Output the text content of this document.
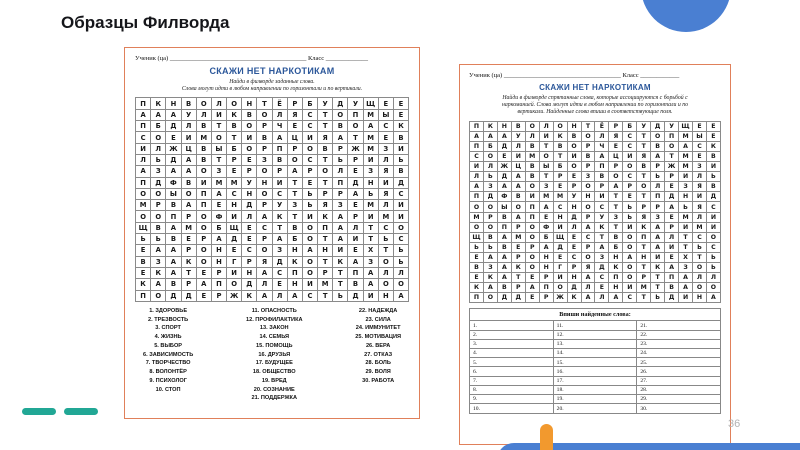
Образцы Филворда
Ученик (ца) __________________________________________ Класс _____________
СКАЖИ НЕТ НАРКОТИКАМ
Найди в филворде заданные слова.
Слова могут идти в любом направлении по горизонтали и по вертикали.
П	К	Н	В	О	Л	О	Н	Т	Ё	Р	Б	У	Д	У	Щ	Е	Е
А	А	А	У	Л	И	К	В	О	Л	Я	С	Т	О	П	М	Ы	Е
П	Б	Д	Л	В	Т	В	О	Р	Ч	Е	С	Т	В	О	А	С	К
С	О	Е	И	М	О	Т	И	В	А	Ц	И	Я	А	Т	М	Е	В
И	Л	Ж	Ц	В	Ы	Б	О	Р	П	Р	О	В	Р	Ж	М	З	И
Л	Ь	Д	А	В	Т	Р	Е	З	В	О	С	Т	Ь	Р	И	Л	Ь
А	З	А	А	О	З	Е	Р	О	Р	А	Р	О	Л	Е	З	Я	В
П	Д	Ф	В	И	М	М	У	Н	И	Т	Е	Т	П	Д	Н	И	Д
О	О	Ы	О	П	А	С	Н	О	С	Т	Ь	Р	Р	А	Ь	Я	С
М	Р	В	А	П	Е	Н	Д	Р	У	З	Ь	Я	З	Е	М	Л	И
О	О	П	Р	О	Ф	И	Л	А	К	Т	И	К	А	Р	И	М	И
Щ	В	А	М	О	Б	Щ	Е	С	Т	В	О	П	А	Л	Т	С	О
Ь	Ь	В	Е	Р	А	Д	Е	Р	А	Б	О	Т	А	И	Т	Ь	С
Е	А	А	Р	О	Н	Е	С	О	З	Н	А	Н	И	Е	Х	Т	Ь
В	З	А	К	О	Н	Г	Р	Я	Д	К	О	Т	К	А	З	О	Ь
Е	К	А	Т	Е	Р	И	Н	А	С	П	О	Р	Т	П	А	Л	Л
К	А	В	Р	А	П	О	Д	Л	Е	Н	И	М	Т	В	А	О	О
П	О	Д	Д	Е	Р	Ж	К	А	Л	А	С	Т	Ь	Д	И	Н	А
1. ЗДОРОВЬЕ
2. ТРЕЗВОСТЬ
3. СПОРТ
4. ЖИЗНЬ
5. ВЫБОР
6. ЗАВИСИМОСТЬ
7. ТВОРЧЕСТВО
8. ВОЛОНТЁР
9. ПСИХОЛОГ
10. СТОП
11. ОПАСНОСТЬ
12. ПРОФИЛАКТИКА
13. ЗАКОН
14. СЕМЬЯ
15. ПОМОЩЬ
16. ДРУЗЬЯ
17. БУДУЩЕЕ
18. ОБЩЕСТВО
19. ВРЕД
20. СОЗНАНИЕ
21. ПОДДЕРЖКА
22. НАДЕЖДА
23. СИЛА
24. ИММУНИТЕТ
25. МОТИВАЦИЯ
26. ВЕРА
27. ОТКАЗ
28. БОЛЬ
29. ВОЛЯ
30. РАБОТА
Ученик (ца) ____________________________________ Класс ____________
СКАЖИ НЕТ НАРКОТИКАМ
Найди в филворде спрятанные слова, которые ассоциируются с борьбой с
наркоманией. Слова могут идти в любом направлении по горизонтали и по
вертикали. Найденные слова впиши в соответствующие поля.
П	К	Н	В	О	Л	О	Н	Т	Ё	Р	Б	У	Д	У	Щ	Е	Е
А	А	А	У	Л	И	К	В	О	Л	Я	С	Т	О	П	М	Ы	Е
П	Б	Д	Л	В	Т	В	О	Р	Ч	Е	С	Т	В	О	А	С	К
С	О	Е	И	М	О	Т	И	В	А	Ц	И	Я	А	Т	М	Е	В
И	Л	Ж	Ц	В	Ы	Б	О	Р	П	Р	О	В	Р	Ж	М	З	И
Л	Ь	Д	А	В	Т	Р	Е	З	В	О	С	Т	Ь	Р	И	Л	Ь
А	З	А	А	О	З	Е	Р	О	Р	А	Р	О	Л	Е	З	Я	В
П	Д	Ф	В	И	М	М	У	Н	И	Т	Е	Т	П	Д	Н	И	Д
О	О	Ы	О	П	А	С	Н	О	С	Т	Ь	Р	Р	А	Ь	Я	С
М	Р	В	А	П	Е	Н	Д	Р	У	З	Ь	Я	З	Е	М	Л	И
О	О	П	Р	О	Ф	И	Л	А	К	Т	И	К	А	Р	И	М	И
Щ	В	А	М	О	Б	Щ	Е	С	Т	В	О	П	А	Л	Т	С	О
Ь	Ь	В	Е	Р	А	Д	Е	Р	А	Б	О	Т	А	И	Т	Ь	С
Е	А	А	Р	О	Н	Е	С	О	З	Н	А	Н	И	Е	Х	Т	Ь
В	З	А	К	О	Н	Г	Р	Я	Д	К	О	Т	К	А	З	О	Ь
Е	К	А	Т	Е	Р	И	Н	А	С	П	О	Р	Т	П	А	Л	Л
К	А	В	Р	А	П	О	Д	Л	Е	Н	И	М	Т	В	А	О	О
П	О	Д	Д	Е	Р	Ж	К	А	Л	А	С	Т	Ь	Д	И	Н	А
Впиши найденные слова:
1.	11.	21.
2.	12.	22.
3.	13.	23.
4.	14.	24.
5.	15.	25.
6.	16.	26.
7.	17.	27.
8.	18.	28.
9.	19.	29.
10.	20.	30.
36
